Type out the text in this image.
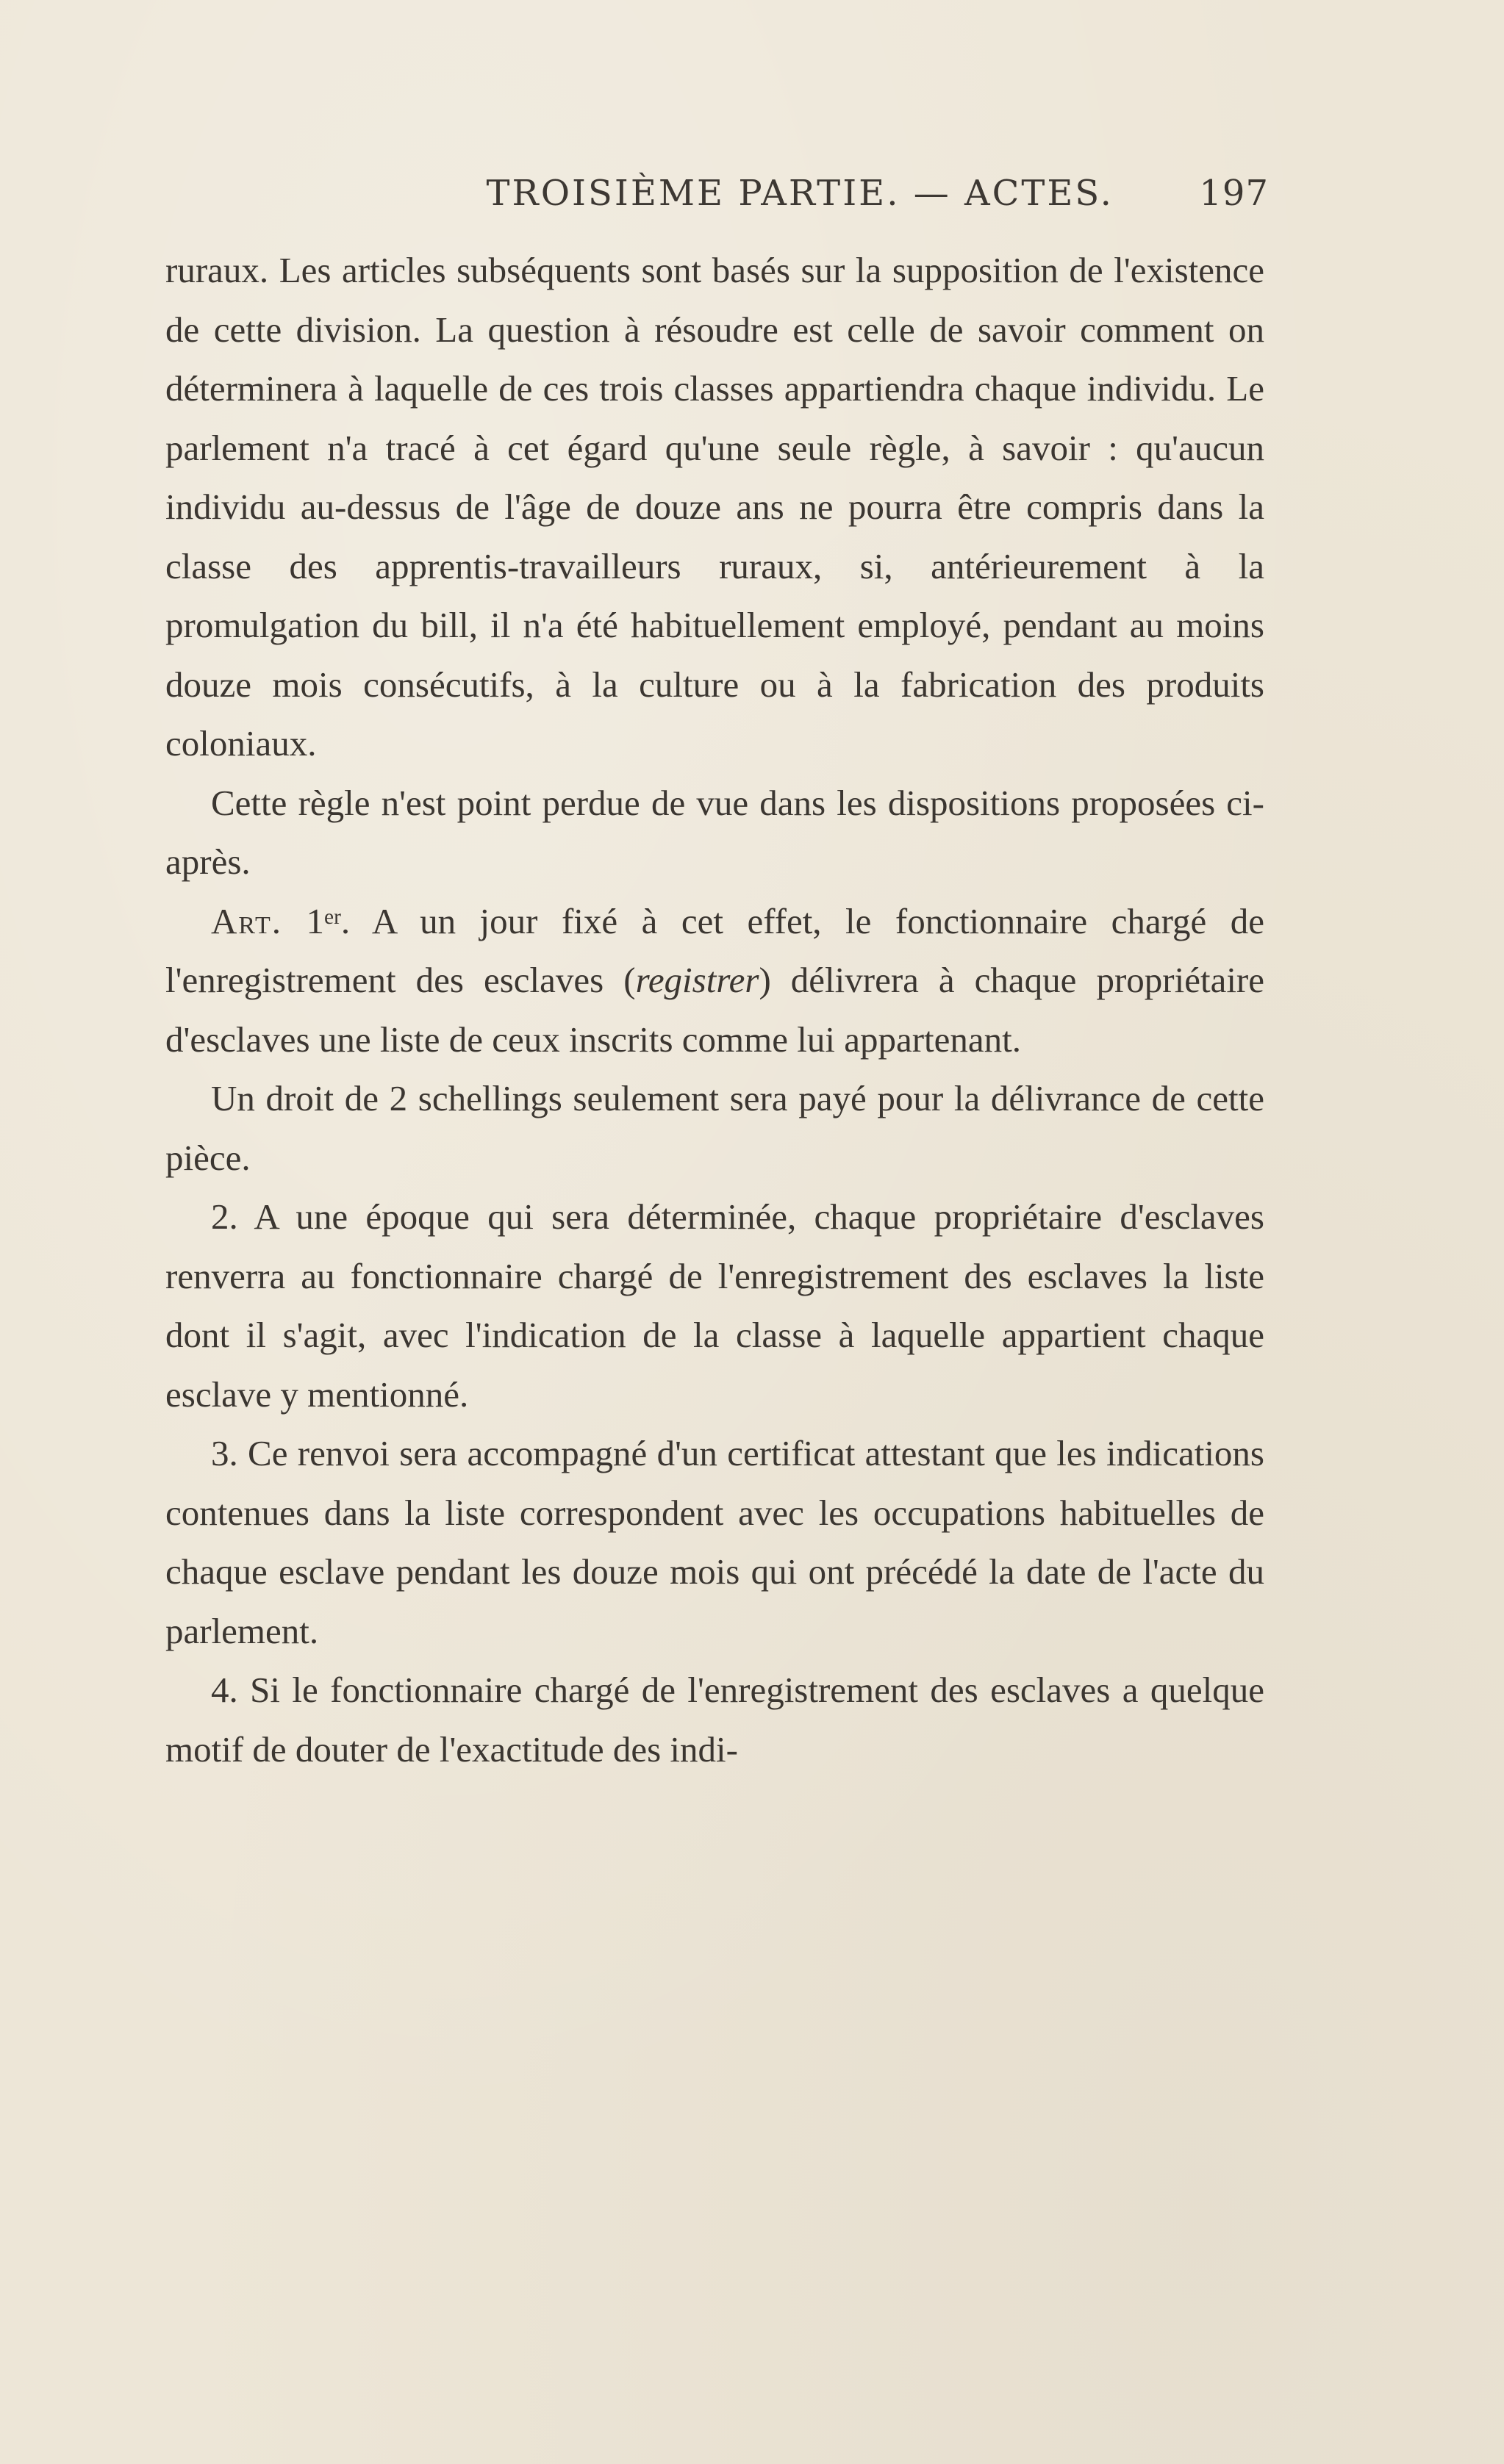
TROISIÈME PARTIE. — ACTES.	197

ruraux. Les articles subséquents sont basés sur la supposition de l'existence de cette division. La question à résoudre est celle de savoir comment on déterminera à laquelle de ces trois classes appartiendra chaque individu. Le parlement n'a tracé à cet égard qu'une seule règle, à savoir : qu'aucun individu au-dessus de l'âge de douze ans ne pourra être compris dans la classe des apprentis-travailleurs ruraux, si, antérieurement à la promulgation du bill, il n'a été habituellement employé, pendant au moins douze mois consécutifs, à la culture ou à la fabrication des produits coloniaux.

Cette règle n'est point perdue de vue dans les dispositions proposées ci-après.

Art. 1er. A un jour fixé à cet effet, le fonctionnaire chargé de l'enregistrement des esclaves (registrer) délivrera à chaque propriétaire d'esclaves une liste de ceux inscrits comme lui appartenant.

Un droit de 2 schellings seulement sera payé pour la délivrance de cette pièce.

2. A une époque qui sera déterminée, chaque propriétaire d'esclaves renverra au fonctionnaire chargé de l'enregistrement des esclaves la liste dont il s'agit, avec l'indication de la classe à laquelle appartient chaque esclave y mentionné.

3. Ce renvoi sera accompagné d'un certificat attestant que les indications contenues dans la liste correspondent avec les occupations habituelles de chaque esclave pendant les douze mois qui ont précédé la date de l'acte du parlement.

4. Si le fonctionnaire chargé de l'enregistrement des esclaves a quelque motif de douter de l'exactitude des indi-
